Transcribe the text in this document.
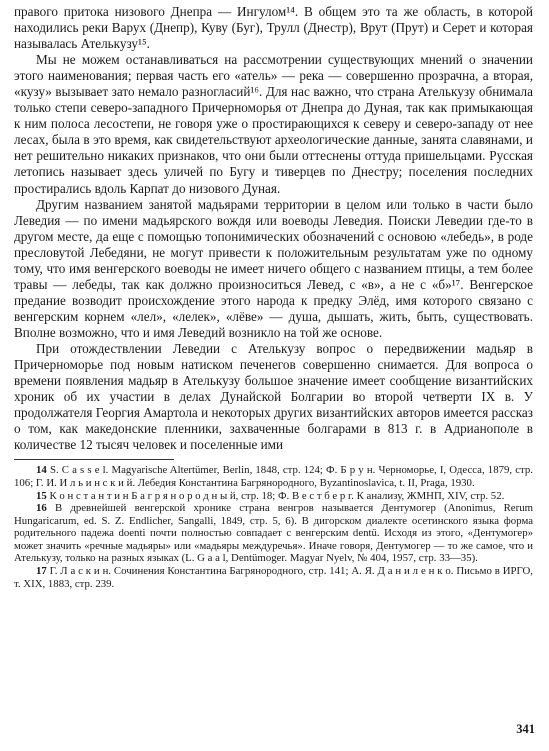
правого притока низового Днепра — Ингулом¹⁴. В общем это та же область, в которой находились реки Варух (Днепр), Куву (Буг), Трулл (Днестр), Врут (Прут) и Серет и которая называлась Ателькузу¹⁵.

Мы не можем останавливаться на рассмотрении существующих мнений о значении этого наименования; первая часть его «атель» — река — совершенно прозрачна, а вторая, «кузу» вызывает зато немало разногласий¹⁶. Для нас важно, что страна Ателькузу обнимала только степи северо-западного Причерноморья от Днепра до Дуная, так как примыкающая к ним полоса лесостепи, не говоря уже о простирающихся к северу и северо-западу от нее лесах, была в это время, как свидетельствуют археологические данные, занята славянами, и нет решительно никаких признаков, что они были оттеснены оттуда пришельцами. Русская летопись называет здесь уличей по Бугу и тиверцев по Днестру; поселения последних простирались вдоль Карпат до низового Дуная.

Другим названием занятой мадьярами территории в целом или только в части было Леведия — по имени мадьярского вождя или воеводы Леведия. Поиски Леведии где-то в другом месте, да еще с помощью топонимических обозначений с основою «лебедь», в роде пресловутой Лебедяни, не могут привести к положительным результатам уже по одному тому, что имя венгерского воеводы не имеет ничего общего с названием птицы, а тем более травы — лебеды, так как должно произноситься Левед, с «в», а не с «б»¹⁷. Венгерское предание возводит происхождение этого народа к предку Элёд, имя которого связано с венгерским корнем «лел», «лелек», «лёве» — душа, дышать, жить, быть, существовать. Вполне возможно, что и имя Леведий возникло на той же основе.

При отождествлении Леведии с Ателькузу вопрос о передвижении мадьяр в Причерноморье под новым натиском печенегов совершенно снимается. Для вопроса о времени появления мадьяр в Ателькузу большое значение имеет сообщение византийских хроник об их участии в делах Дунайской Болгарии во второй четверти IX в. У продолжателя Георгия Амартола и некоторых других византийских авторов имеется рассказ о том, как македонские пленники, захваченные болгарами в 813 г. в Адрианополе в количестве 12 тысяч человек и поселенные ими

14 S. C a s s e l. Magyarische Altertümer, Berlin, 1848, стр. 124; Ф. Б р у н. Черноморье, I, Одесса, 1879, стр. 106; Г. И. И л ь и н с к и й. Лебедия Константина Багрянородного, Byzantinoslavica, t. II, Praga, 1930.

15 К о н с т а н т и н Б а г р я н о р о д н ы й, стр. 18; Ф. В е с т б е р г. К анализу, ЖМНП, XIV, стр. 52.

16 В древнейшей венгерской хронике страна венгров называется Дентумогер (Anonimus, Rerum Hungaricarum, ed. S. Z. Endlicher, Sangalli, 1849, стр. 5, 6). В дигорском диалекте осетинского языка форма родительного падежа doenti почти полностью совпадает с венгерским dentü. Исходя из этого, «Дентумогер» может значить «речные мадьяры» или «мадьяры междуречья». Иначе говоря, Дентумогер — то же самое, что и Ателькузу, только на разных языках (L. G a a l, Dentümoger. Magyar Nyelv, № 404, 1957, стр. 33—35).

17 Г. Л а с к и н. Сочинения Константина Багрянородного, стр. 141; А. Я. Д а н и л е н к о. Письмо в ИРГО, т. XIX, 1883, стр. 239.

341
